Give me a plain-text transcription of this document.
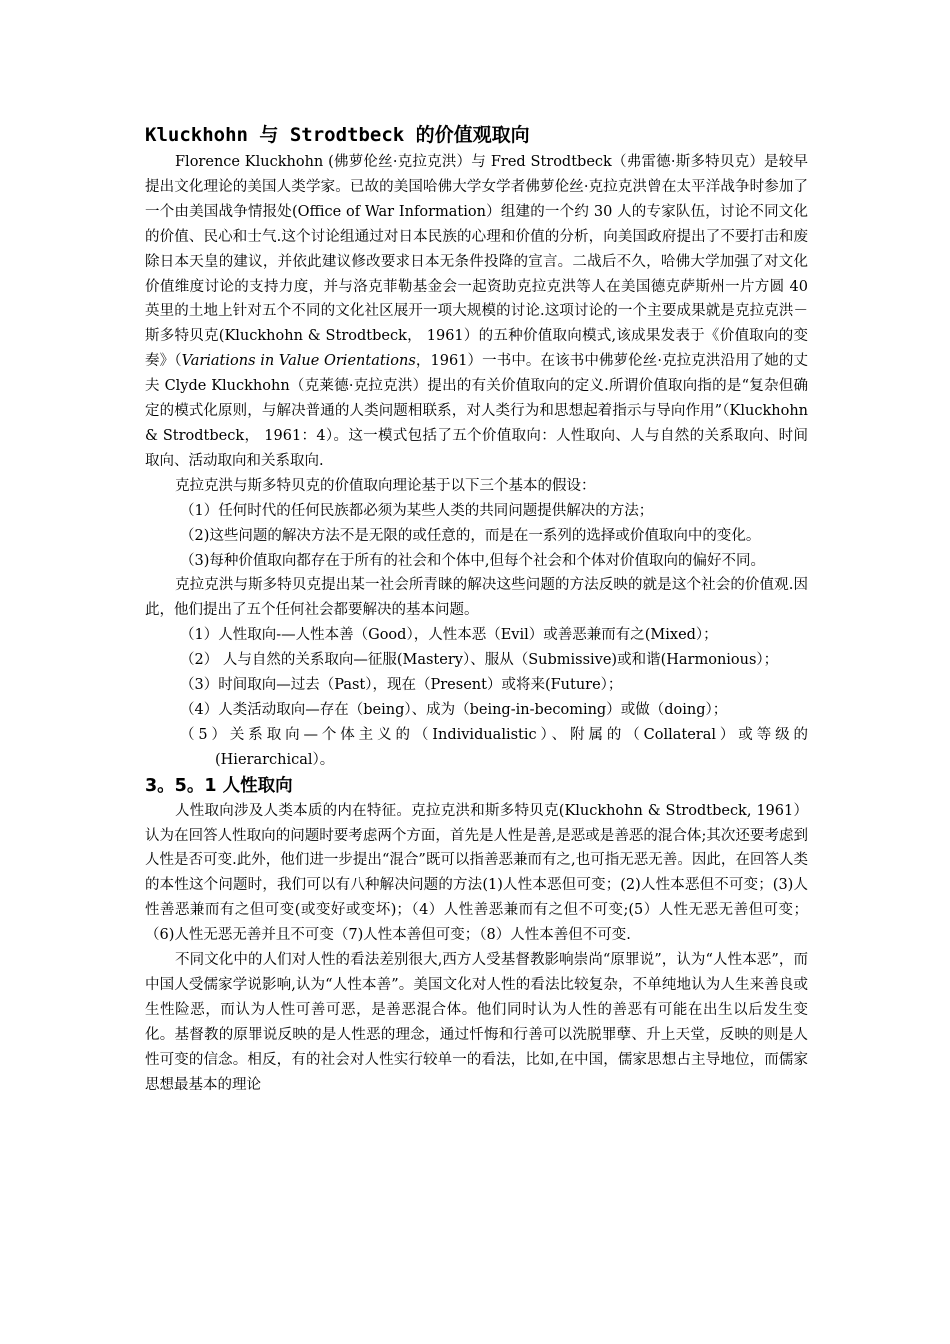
Kluckhohn 与 Strodtbeck 的价值观取向

Florence Kluckhohn (佛萝伦丝·克拉克洪）与 Fred Strodtbeck（弗雷德·斯多特贝克）是较早提出文化理论的美国人类学家。已故的美国哈佛大学女学者佛萝伦丝·克拉克洪曾在太平洋战争时参加了一个由美国战争情报处(Office of War Information）组建的一个约 30 人的专家队伍，讨论不同文化的价值、民心和士气.这个讨论组通过对日本民族的心理和价值的分析，向美国政府提出了不要打击和废除日本天皇的建议，并依此建议修改要求日本无条件投降的宣言。二战后不久，哈佛大学加强了对文化价值维度讨论的支持力度，并与洛克菲勒基金会一起资助克拉克洪等人在美国德克萨斯州一片方圆 40 英里的土地上针对五个不同的文化社区展开一项大规模的讨论.这项讨论的一个主要成果就是克拉克洪－斯多特贝克(Kluckhohn & Strodtbeck， 1961）的五种价值取向模式,该成果发表于《价值取向的变奏》（Variations in Value Orientations，1961）一书中。在该书中佛萝伦丝·克拉克洪沿用了她的丈夫 Clyde Kluckhohn（克莱德·克拉克洪）提出的有关价值取向的定义.所谓价值取向指的是“复杂但确定的模式化原则，与解决普通的人类问题相联系，对人类行为和思想起着指示与导向作用”（Kluckhohn & Strodtbeck， 1961：4）。这一模式包括了五个价值取向：人性取向、人与自然的关系取向、时间取向、活动取向和关系取向.

克拉克洪与斯多特贝克的价值取向理论基于以下三个基本的假设：

（1）任何时代的任何民族都必须为某些人类的共同问题提供解决的方法；

（2)这些问题的解决方法不是无限的或任意的，而是在一系列的选择或价值取向中的变化。

（3)每种价值取向都存在于所有的社会和个体中,但每个社会和个体对价值取向的偏好不同。

克拉克洪与斯多特贝克提出某一社会所青睐的解决这些问题的方法反映的就是这个社会的价值观.因此，他们提出了五个任何社会都要解决的基本问题。

（1）人性取向-—人性本善（Good），人性本恶（Evil）或善恶兼而有之(Mixed）；

（2） 人与自然的关系取向—征服(Mastery）、服从（Submissive)或和谐(Harmonious）；

（3）时间取向—过去（Past），现在（Present）或将来(Future）；

（4）人类活动取向—存在（being）、成为（being-in-becoming）或做（doing）；

（5）关系取向—个体主义的（Individualistic）、附属的（Collateral）或等级的(Hierarchical）。

3。5。1 人性取向

人性取向涉及人类本质的内在特征。克拉克洪和斯多特贝克(Kluckhohn & Strodtbeck, 1961）认为在回答人性取向的问题时要考虑两个方面，首先是人性是善,是恶或是善恶的混合体;其次还要考虑到人性是否可变.此外，他们进一步提出“混合”既可以指善恶兼而有之,也可指无恶无善。因此，在回答人类的本性这个问题时，我们可以有八种解决问题的方法(1)人性本恶但可变；(2)人性本恶但不可变；(3)人性善恶兼而有之但可变(或变好或变坏)；（4）人性善恶兼而有之但不可变;(5）人性无恶无善但可变；（6)人性无恶无善并且不可变（7)人性本善但可变；（8）人性本善但不可变.

不同文化中的人们对人性的看法差别很大,西方人受基督教影响崇尚“原罪说”，认为“人性本恶”，而中国人受儒家学说影响,认为“人性本善”。美国文化对人性的看法比较复杂，不单纯地认为人生来善良或生性险恶，而认为人性可善可恶，是善恶混合体。他们同时认为人性的善恶有可能在出生以后发生变化。基督教的原罪说反映的是人性恶的理念，通过忏悔和行善可以洗脱罪孽、升上天堂，反映的则是人性可变的信念。相反，有的社会对人性实行较单一的看法，比如,在中国，儒家思想占主导地位，而儒家思想最基本的理论
